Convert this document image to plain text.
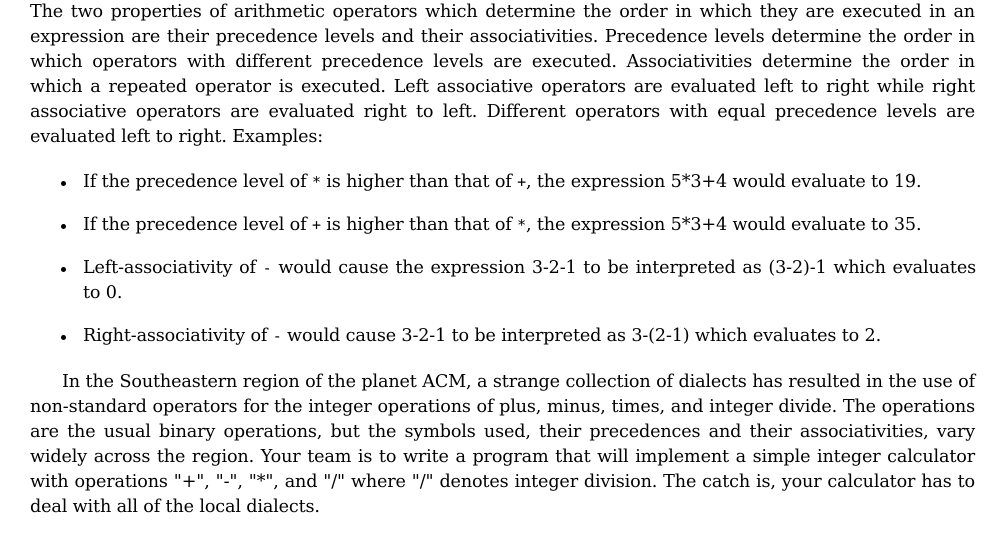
The two properties of arithmetic operators which determine the order in which they are executed in an expression are their precedence levels and their associativities. Precedence levels determine the order in which operators with different precedence levels are executed. Associativities determine the order in which a repeated operator is executed. Left associative operators are evaluated left to right while right associative operators are evaluated right to left. Different operators with equal precedence levels are evaluated left to right. Examples:

If the precedence level of * is higher than that of +, the expression 5*3+4 would evaluate to 19.
If the precedence level of + is higher than that of *, the expression 5*3+4 would evaluate to 35.
Left-associativity of - would cause the expression 3-2-1 to be interpreted as (3-2)-1 which evaluates to 0.
Right-associativity of - would cause 3-2-1 to be interpreted as 3-(2-1) which evaluates to 2.

In the Southeastern region of the planet ACM, a strange collection of dialects has resulted in the use of non-standard operators for the integer operations of plus, minus, times, and integer divide. The operations are the usual binary operations, but the symbols used, their precedences and their associativities, vary widely across the region. Your team is to write a program that will implement a simple integer calculator with operations "+", "-", "*", and "/" where "/" denotes integer division. The catch is, your calculator has to deal with all of the local dialects.
